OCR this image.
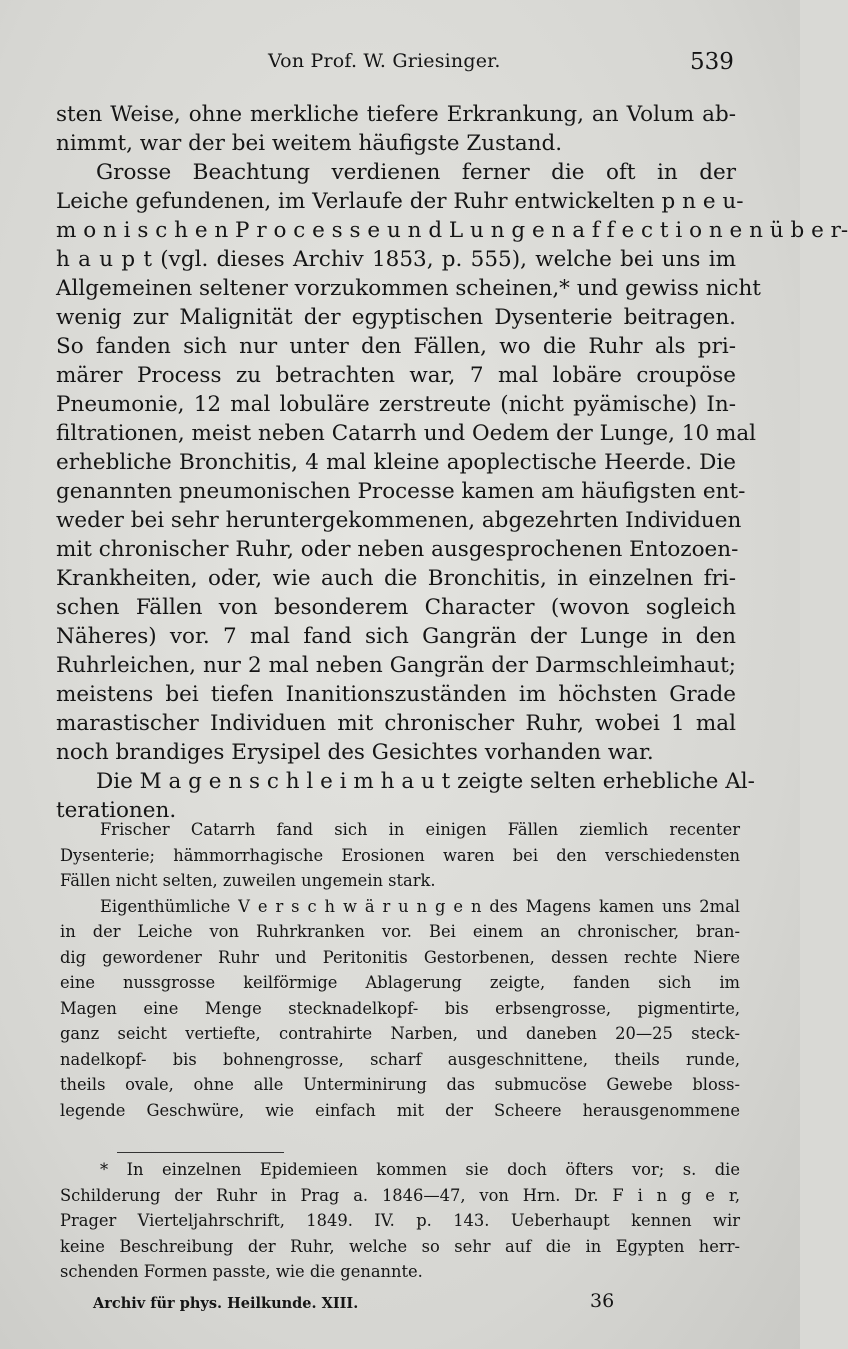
Von Prof. W. Griesinger.	539
sten Weise, ohne merkliche tiefere Erkrankung, an Volum ab-
nimmt, war der bei weitem häufigste Zustand.
Grosse Beachtung verdienen ferner die oft in der
Leiche gefundenen, im Verlaufe der Ruhr entwickelten p n e u-
m o n i s c h e n P r o c e s s e u n d L u n g e n a f f e c t i o n e n ü b e r-
h a u p t (vgl. dieses Archiv 1853, p. 555), welche bei uns im
Allgemeinen seltener vorzukommen scheinen,* und gewiss nicht
wenig zur Malignität der egyptischen Dysenterie beitragen.
So fanden sich nur unter den Fällen, wo die Ruhr als pri-
märer Process zu betrachten war, 7 mal lobäre croupöse
Pneumonie, 12 mal lobuläre zerstreute (nicht pyämische) In-
filtrationen, meist neben Catarrh und Oedem der Lunge, 10 mal
erhebliche Bronchitis, 4 mal kleine apoplectische Heerde. Die
genannten pneumonischen Processe kamen am häufigsten ent-
weder bei sehr heruntergekommenen, abgezehrten Individuen
mit chronischer Ruhr, oder neben ausgesprochenen Entozoen-
Krankheiten, oder, wie auch die Bronchitis, in einzelnen fri-
schen Fällen von besonderem Character (wovon sogleich
Näheres) vor. 7 mal fand sich Gangrän der Lunge in den
Ruhrleichen, nur 2 mal neben Gangrän der Darmschleimhaut;
meistens bei tiefen Inanitionszuständen im höchsten Grade
marastischer Individuen mit chronischer Ruhr, wobei 1 mal
noch brandiges Erysipel des Gesichtes vorhanden war.
Die M a g e n s c h l e i m h a u t zeigte selten erhebliche Al-
terationen.
Frischer Catarrh fand sich in einigen Fällen ziemlich recenter
Dysenterie; hämmorrhagische Erosionen waren bei den verschiedensten
Fällen nicht selten, zuweilen ungemein stark.
Eigenthümliche V e r s c h w ä r u n g e n des Magens kamen uns 2mal
in der Leiche von Ruhrkranken vor. Bei einem an chronischer, bran-
dig gewordener Ruhr und Peritonitis Gestorbenen, dessen rechte Niere
eine nussgrosse keilförmige Ablagerung zeigte, fanden sich im
Magen eine Menge stecknadelkopf- bis erbsengrosse, pigmentirte,
ganz seicht vertiefte, contrahirte Narben, und daneben 20—25 steck-
nadelkopf- bis bohnengrosse, scharf ausgeschnittene, theils runde,
theils ovale, ohne alle Unterminirung das submucöse Gewebe bloss-
legende Geschwüre, wie einfach mit der Scheere herausgenommene
* In einzelnen Epidemieen kommen sie doch öfters vor; s. die
Schilderung der Ruhr in Prag a. 1846—47, von Hrn. Dr. F i n g e r,
Prager Vierteljahrschrift, 1849. IV. p. 143. Ueberhaupt kennen wir
keine Beschreibung der Ruhr, welche so sehr auf die in Egypten herr-
schenden Formen passte, wie die genannte.
Archiv für phys. Heilkunde. XIII.	36
